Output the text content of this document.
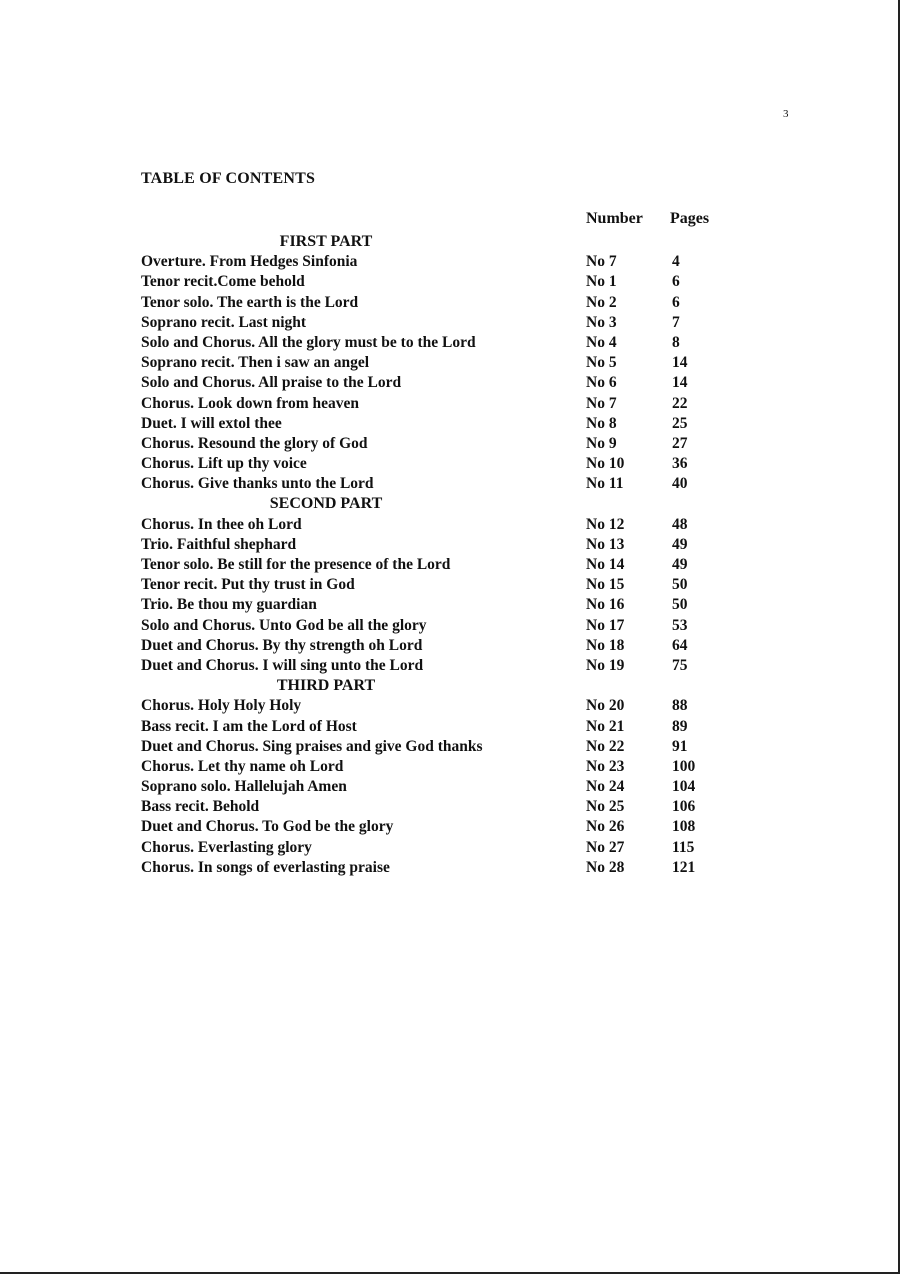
3
TABLE OF CONTENTS
Number Pages
FIRST PART
Overture. From Hedges Sinfonia	No 7	4
Tenor recit.Come behold	No 1	6
Tenor solo. The earth is the Lord	No 2	6
Soprano recit. Last night	No 3	7
Solo and Chorus. All the glory must be to the Lord	No 4	8
Soprano recit. Then i saw an angel	No 5	14
Solo and Chorus. All praise to the Lord	No 6	14
Chorus. Look down from heaven	No 7	22
Duet. I will extol thee	No 8	25
Chorus. Resound the glory of God	No 9	27
Chorus. Lift up thy voice	No 10	36
Chorus. Give thanks unto the Lord	No 11	40
SECOND PART
Chorus. In thee oh Lord	No 12	48
Trio. Faithful shephard	No 13	49
Tenor solo. Be still for the presence of the Lord	No 14	49
Tenor recit. Put thy trust in God	No 15	50
Trio. Be thou my guardian	No 16	50
Solo and Chorus. Unto God be all the glory	No 17	53
Duet and Chorus. By thy strength oh Lord	No 18	64
Duet and Chorus. I will sing unto the Lord	No 19	75
THIRD PART
Chorus. Holy Holy Holy	No 20	88
Bass recit. I am the Lord of Host	No 21	89
Duet and Chorus. Sing praises and give God thanks	No 22	91
Chorus. Let thy name oh Lord	No 23	100
Soprano solo. Hallelujah Amen	No 24	104
Bass recit. Behold	No 25	106
Duet and Chorus. To God be the glory	No 26	108
Chorus. Everlasting glory	No 27	115
Chorus. In songs of everlasting praise	No 28	121
